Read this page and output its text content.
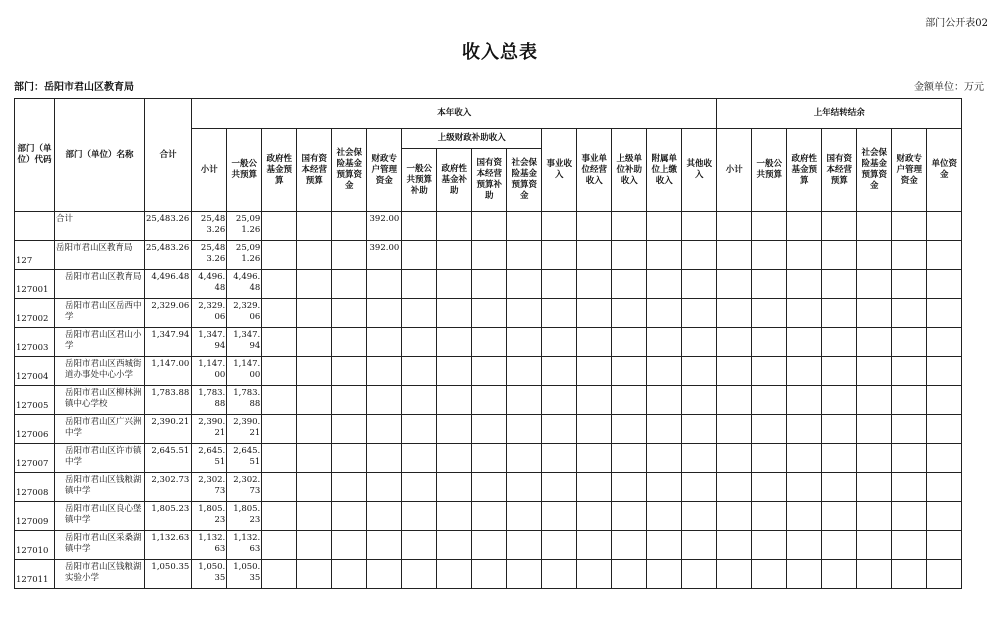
部门公开表02
收入总表
部门：岳阳市君山区教育局	金额单位：万元
部门（单位）代码	部门（单位）名称	合计	本年收入															上年结转结余						
			小计	一般公共预算	政府性基金预算	国有资本经营预算	社会保险基金预算资金	财政专户管理资金	上级财政补助收入				事业收入	事业单位经营收入	上级单位补助收入	附属单位上缴收入	其他收入	小计	一般公共预算	政府性基金预算	国有资本经营预算	社会保险基金预算资金	财政专户管理资金	单位资金
									一般公共预算补助	政府性基金补助	国有资本经营预算补助	社会保险基金预算资金												
	合计	25,483.26	25,483.26	25,091.26				392.00																
127	岳阳市君山区教育局	25,483.26	25,483.26	25,091.26				392.00																
127001	岳阳市君山区教育局	4,496.48	4,496.48	4,496.48																				
127002	岳阳市君山区岳西中学	2,329.06	2,329.06	2,329.06																				
127003	岳阳市君山区君山小学	1,347.94	1,347.94	1,347.94																				
127004	岳阳市君山区西城街道办事处中心小学	1,147.00	1,147.00	1,147.00																				
127005	岳阳市君山区柳林洲镇中心学校	1,783.88	1,783.88	1,783.88																				
127006	岳阳市君山区广兴洲中学	2,390.21	2,390.21	2,390.21																				
127007	岳阳市君山区许市镇中学	2,645.51	2,645.51	2,645.51																				
127008	岳阳市君山区钱粮湖镇中学	2,302.73	2,302.73	2,302.73																				
127009	岳阳市君山区良心堡镇中学	1,805.23	1,805.23	1,805.23																				
127010	岳阳市君山区采桑湖镇中学	1,132.63	1,132.63	1,132.63																				
127011	岳阳市君山区钱粮湖实验小学	1,050.35	1,050.35	1,050.35																				
